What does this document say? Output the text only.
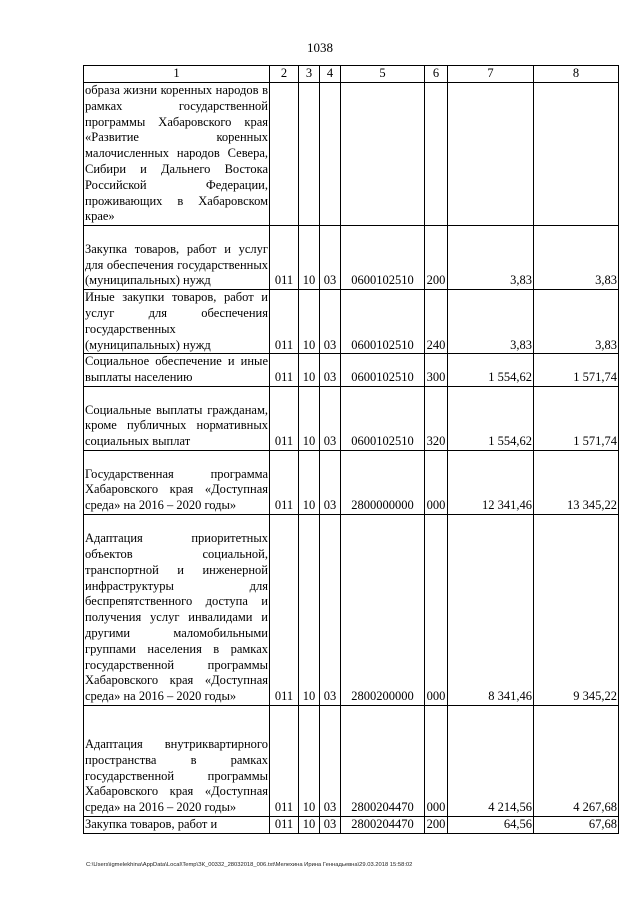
1038
1	2	3	4	5	6	7	8
образа жизни коренных народов в рамках государственной программы Хабаровского края «Развитие коренных малочисленных народов Севера, Сибири и Дальнего Востока Российской Федерации, проживающих в Хабаровском крае»							
Закупка товаров, работ и услуг для обеспечения государственных (муниципальных) нужд	011	10	03	0600102510	200	3,83	3,83
Иные закупки товаров, работ и услуг для обеспечения государственных (муниципальных) нужд	011	10	03	0600102510	240	3,83	3,83
Социальное обеспечение и иные выплаты населению	011	10	03	0600102510	300	1 554,62	1 571,74
Социальные выплаты гражданам, кроме публичных нормативных социальных выплат	011	10	03	0600102510	320	1 554,62	1 571,74
Государственная программа Хабаровского края «Доступная среда» на 2016 – 2020 годы»	011	10	03	2800000000	000	12 341,46	13 345,22
Адаптация приоритетных объектов социальной, транспортной и инженерной инфраструктуры для беспрепятственного доступа и получения услуг инвалидами и другими маломобильными группами населения в рамках государственной программы Хабаровского края «Доступная среда» на 2016 – 2020 годы»	011	10	03	2800200000	000	8 341,46	9 345,22
Адаптация внутриквартирного пространства в рамках государственной программы Хабаровского края «Доступная среда» на 2016 – 2020 годы»	011	10	03	2800204470	000	4 214,56	4 267,68
Закупка товаров, работ и	011	10	03	2800204470	200	64,56	67,68
C:\Users\igmelekhina\AppData\Local\Temp\ЗК_00332_28032018_006.txt\Мелехина Ирина Геннадьевна\29.03.2018 15:58:02
